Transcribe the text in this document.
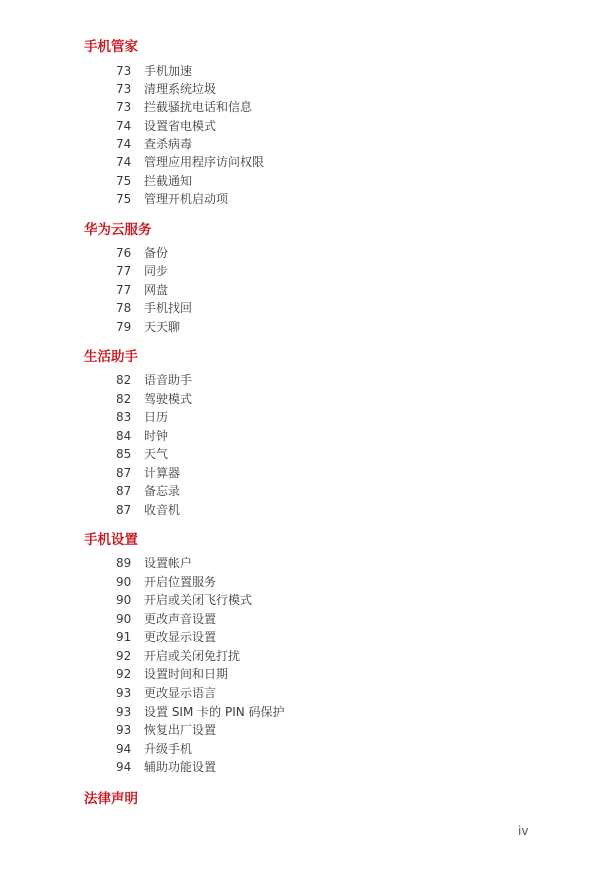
手机管家
73 手机加速
73 清理系统垃圾
73 拦截骚扰电话和信息
74 设置省电模式
74 查杀病毒
74 管理应用程序访问权限
75 拦截通知
75 管理开机启动项
华为云服务
76 备份
77 同步
77 网盘
78 手机找回
79 天天聊
生活助手
82 语音助手
82 驾驶模式
83 日历
84 时钟
85 天气
87 计算器
87 备忘录
87 收音机
手机设置
89 设置帐户
90 开启位置服务
90 开启或关闭飞行模式
90 更改声音设置
91 更改显示设置
92 开启或关闭免打扰
92 设置时间和日期
93 更改显示语言
93 设置 SIM 卡的 PIN 码保护
93 恢复出厂设置
94 升级手机
94 辅助功能设置
法律声明
iv
